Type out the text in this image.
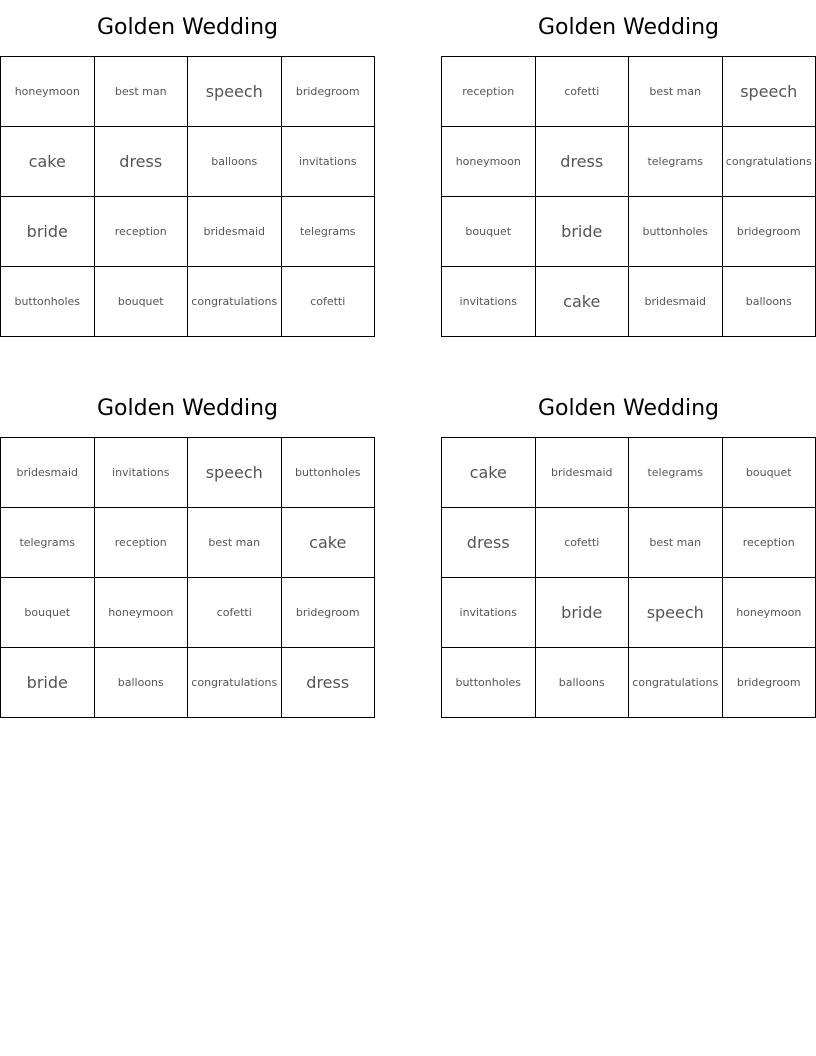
Golden Wedding
honeymoon	best man	speech	bridegroom
cake	dress	balloons	invitations
bride	reception	bridesmaid	telegrams
buttonholes	bouquet	congratulations	cofetti
Golden Wedding
reception	cofetti	best man	speech
honeymoon	dress	telegrams	congratulations
bouquet	bride	buttonholes	bridegroom
invitations	cake	bridesmaid	balloons
Golden Wedding
bridesmaid	invitations	speech	buttonholes
telegrams	reception	best man	cake
bouquet	honeymoon	cofetti	bridegroom
bride	balloons	congratulations	dress
Golden Wedding
cake	bridesmaid	telegrams	bouquet
dress	cofetti	best man	reception
invitations	bride	speech	honeymoon
buttonholes	balloons	congratulations	bridegroom
